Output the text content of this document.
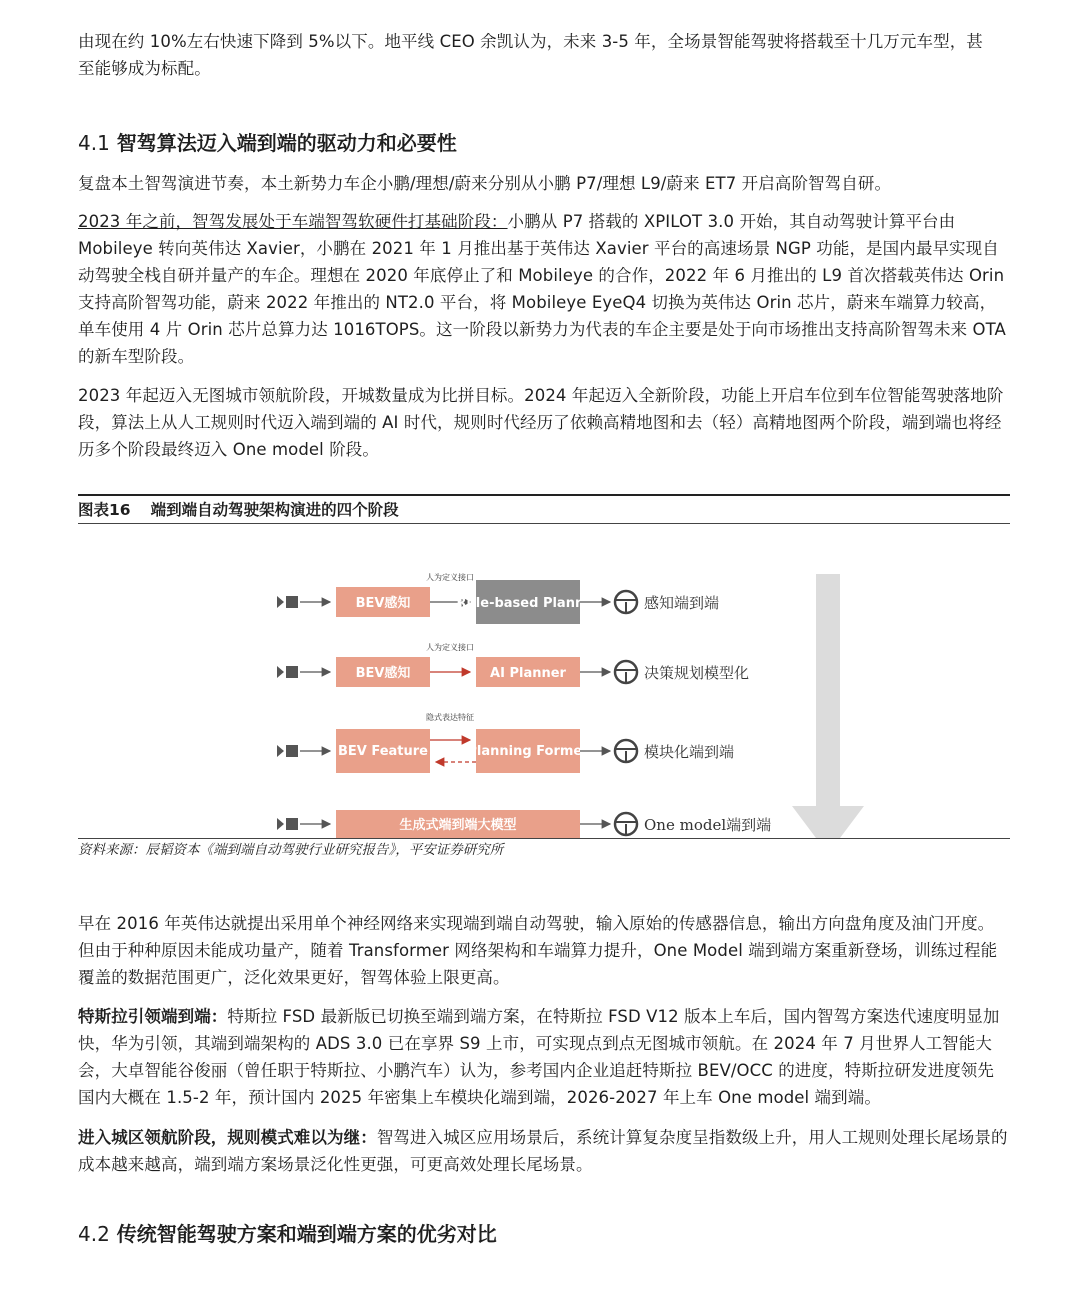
由现在约 10%左右快速下降到 5%以下。地平线 CEO 余凯认为，未来 3-5 年，全场景智能驾驶将搭载至十几万元车型，甚

至能够成为标配。

4.1 智驾算法迈入端到端的驱动力和必要性

复盘本土智驾演进节奏，本土新势力车企小鹏/理想/蔚来分别从小鹏 P7/理想 L9/蔚来 ET7 开启高阶智驾自研。

2023 年之前，智驾发展处于车端智驾软硬件打基础阶段：小鹏从 P7 搭载的 XPILOT 3.0 开始，其自动驾驶计算平台由Mobileye 转向英伟达 Xavier，小鹏在 2021 年 1 月推出基于英伟达 Xavier 平台的高速场景 NGP 功能，是国内最早实现自动驾驶全栈自研并量产的车企。理想在 2020 年底停止了和 Mobileye 的合作，2022 年 6 月推出的 L9 首次搭载英伟达 Orin 支持高阶智驾功能，蔚来 2022 年推出的 NT2.0 平台，将 Mobileye EyeQ4 切换为英伟达 Orin 芯片，蔚来车端算力较高，单车使用 4 片 Orin 芯片总算力达 1016TOPS。这一阶段以新势力为代表的车企主要是处于向市场推出支持高阶智驾未来 OTA 的新车型阶段。

2023 年起迈入无图城市领航阶段，开城数量成为比拼目标。2024 年起迈入全新阶段，功能上开启车位到车位智能驾驶落地阶段，算法上从人工规则时代迈入端到端的 AI 时代，规则时代经历了依赖高精地图和去（轻）高精地图两个阶段，端到端也将经历多个阶段最终迈入 One model 阶段。

图表16 端到端自动驾驶架构演进的四个阶段
BEV感知
人为定义接口
Rule-based Planner	感知端到端
BEV感知
人为定义接口
AI Planner	决策规划模型化
BEV Feature
隐式表达特征
Planning Former	模块化端到端
生成式端到端大模型	One model端到端
资料来源：辰韬资本《端到端自动驾驶行业研究报告》，平安证券研究所

早在 2016 年英伟达就提出采用单个神经网络来实现端到端自动驾驶，输入原始的传感器信息，输出方向盘角度及油门开度。但由于种种原因未能成功量产，随着 Transformer 网络架构和车端算力提升，One Model 端到端方案重新登场，训练过程能覆盖的数据范围更广，泛化效果更好，智驾体验上限更高。

特斯拉引领端到端：特斯拉 FSD 最新版已切换至端到端方案，在特斯拉 FSD V12 版本上车后，国内智驾方案迭代速度明显加快，华为引领，其端到端架构的 ADS 3.0 已在享界 S9 上市，可实现点到点无图城市领航。在 2024 年 7 月世界人工智能大会，大卓智能谷俊丽（曾任职于特斯拉、小鹏汽车）认为，参考国内企业追赶特斯拉 BEV/OCC 的进度，特斯拉研发进度领先国内大概在 1.5-2 年，预计国内 2025 年密集上车模块化端到端，2026-2027 年上车 One model 端到端。

进入城区领航阶段，规则模式难以为继：智驾进入城区应用场景后，系统计算复杂度呈指数级上升，用人工规则处理长尾场景的成本越来越高，端到端方案场景泛化性更强，可更高效处理长尾场景。

4.2 传统智能驾驶方案和端到端方案的优劣对比
